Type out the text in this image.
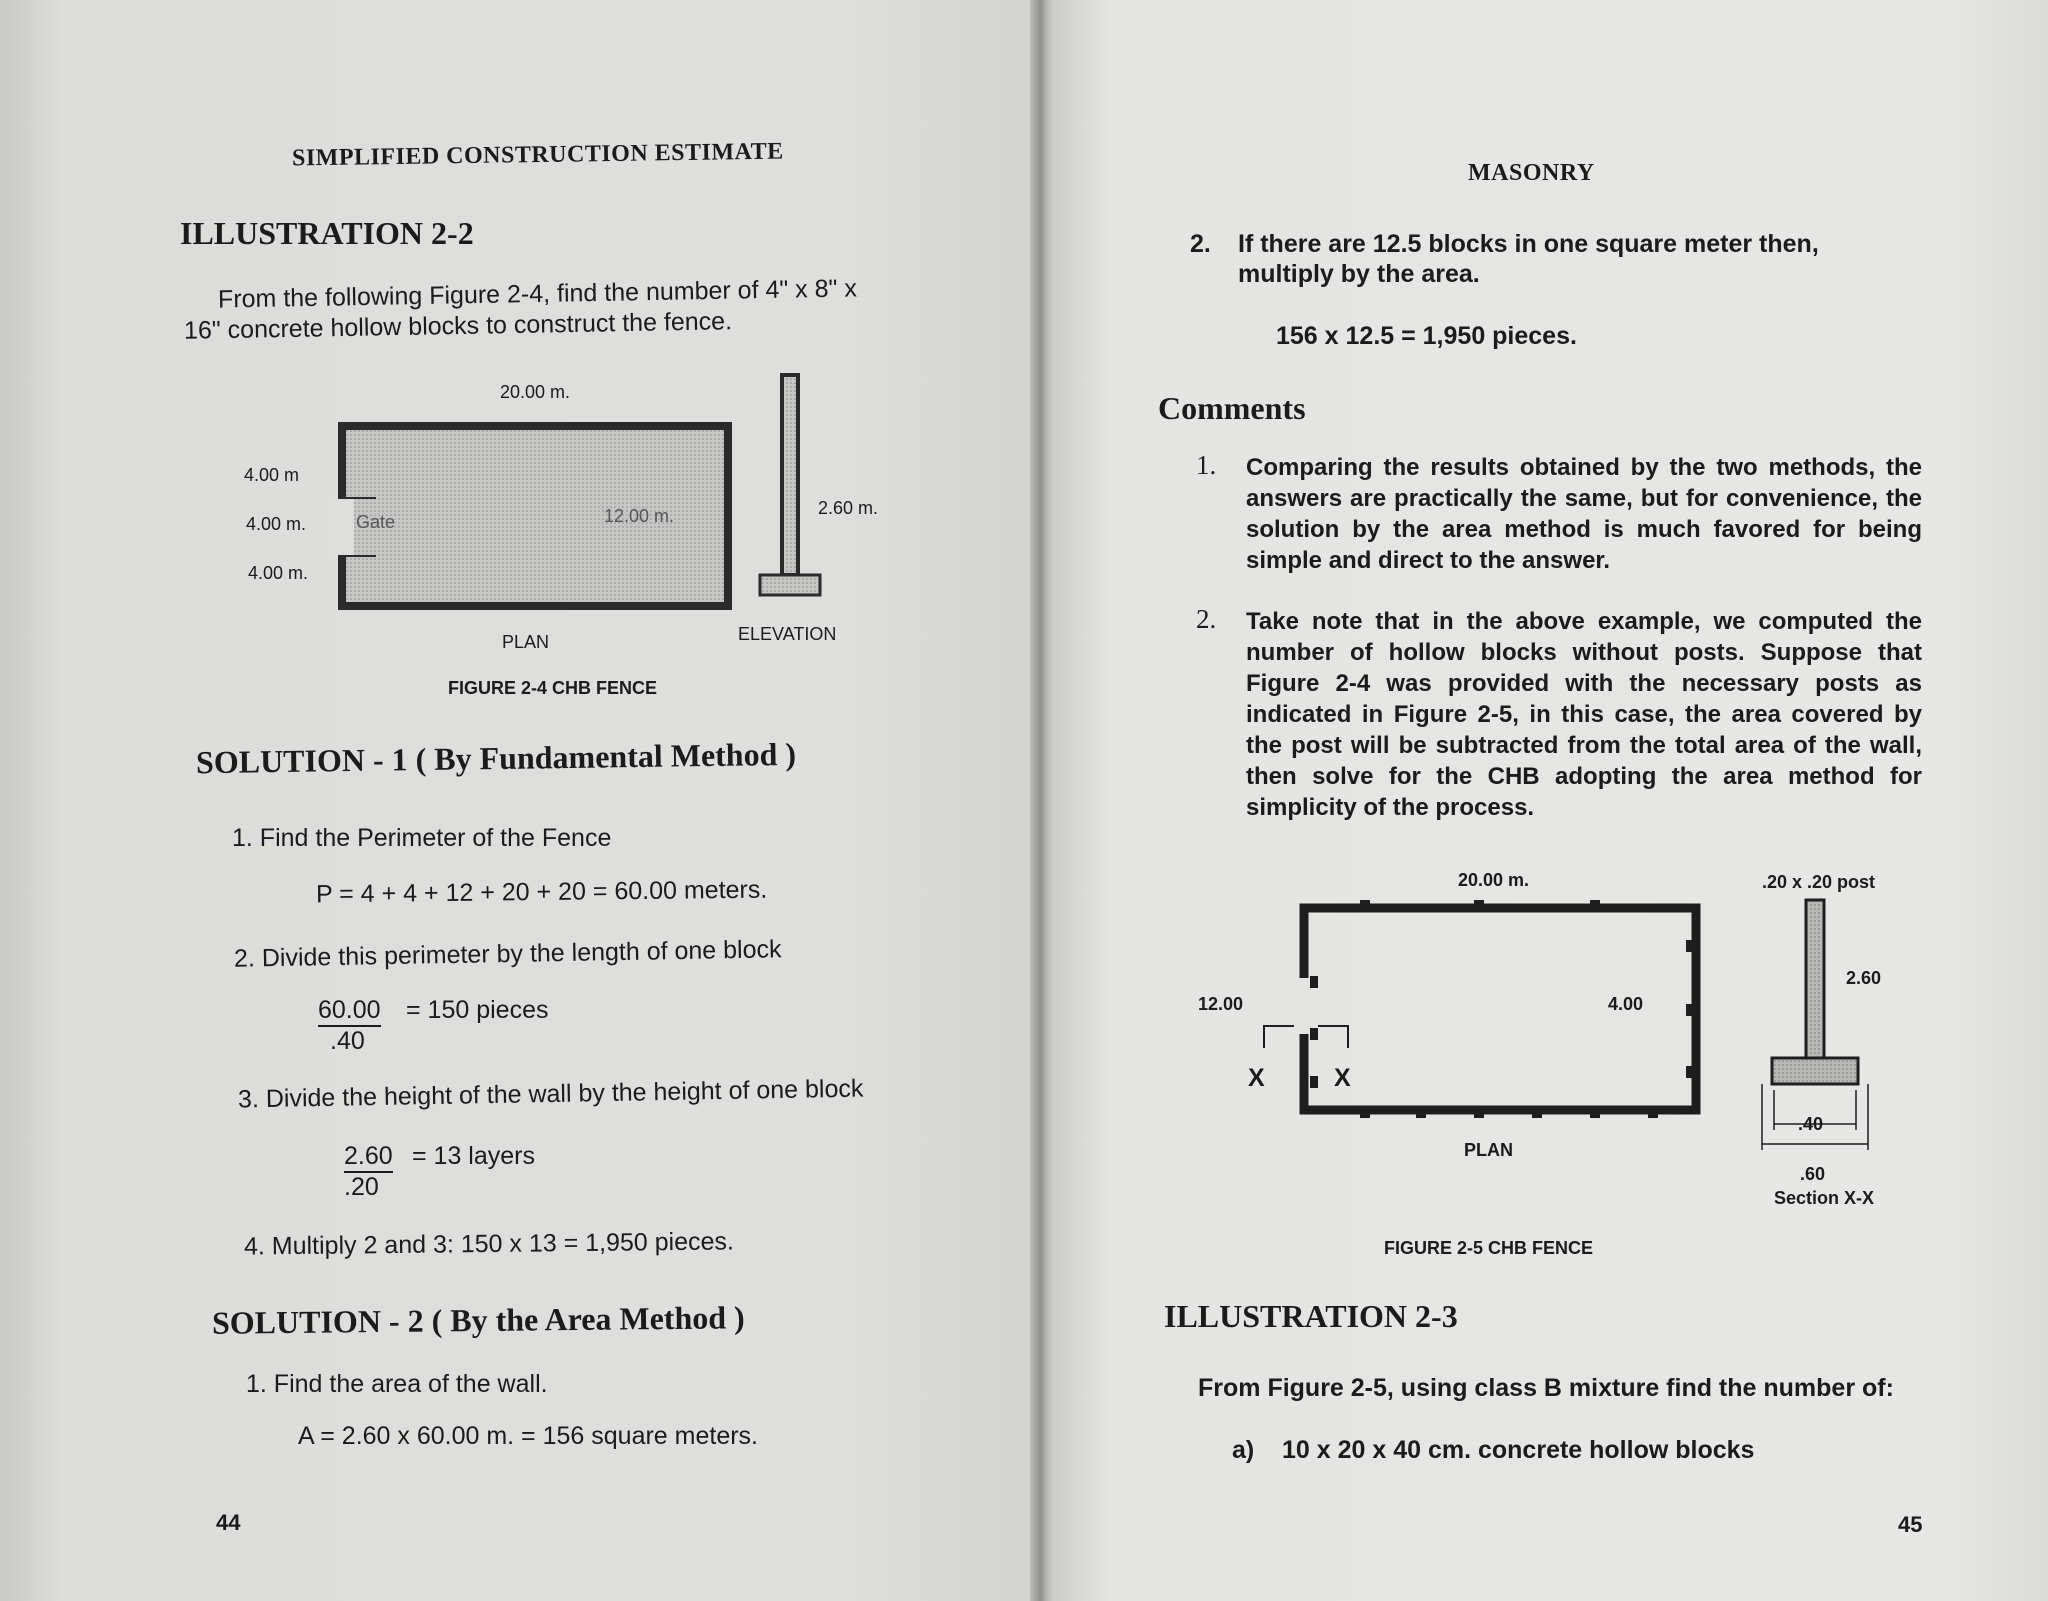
SIMPLIFIED CONSTRUCTION ESTIMATE
ILLUSTRATION 2-2
From the following Figure 2-4, find the number of 4" x 8" x
16" concrete hollow blocks to construct the fence.
20.00 m.
4.00 m
4.00 m.
4.00 m.
Gate	12.00 m.	2.60 m.
PLAN	ELEVATION
FIGURE 2-4 CHB FENCE
SOLUTION - 1 ( By Fundamental Method )
1. Find the Perimeter of the Fence
P = 4 + 4 + 12 + 20 + 20 = 60.00 meters.
2. Divide this perimeter by the length of one block
$\frac{60.00}{.40} = 150$ pieces
3. Divide the height of the wall by the height of one block
$\frac{2.60}{.20} = 13$ layers
4. Multiply 2 and 3: 150 x 13 = 1,950 pieces.
SOLUTION - 2 ( By the Area Method )
1. Find the area of the wall.
A = 2.60 x 60.00 m. = 156 square meters.
44
MASONRY
2. If there are 12.5 blocks in one square meter then,
multiply by the area.
156 x 12.5 = 1,950 pieces.
Comments
1. Comparing the results obtained by the two methods, the answers are practically the same, but for convenience, the solution by the area method is much favored for being simple and direct to the answer.
2. Take note that in the above example, we computed the number of hollow blocks without posts. Suppose that Figure 2-4 was provided with the necessary posts as indicated in Figure 2-5, in this case, the area covered by the post will be subtracted from the total area of the wall, then solve for the CHB adopting the area method for simplicity of the process.
20.00 m.	.20 x .20 post
12.00	4.00
2.60
X	X
PLAN
.40
.60
Section X-X
FIGURE 2-5 CHB FENCE
ILLUSTRATION 2-3
From Figure 2-5, using class B mixture find the number of:
a) 10 x 20 x 40 cm. concrete hollow blocks
45
